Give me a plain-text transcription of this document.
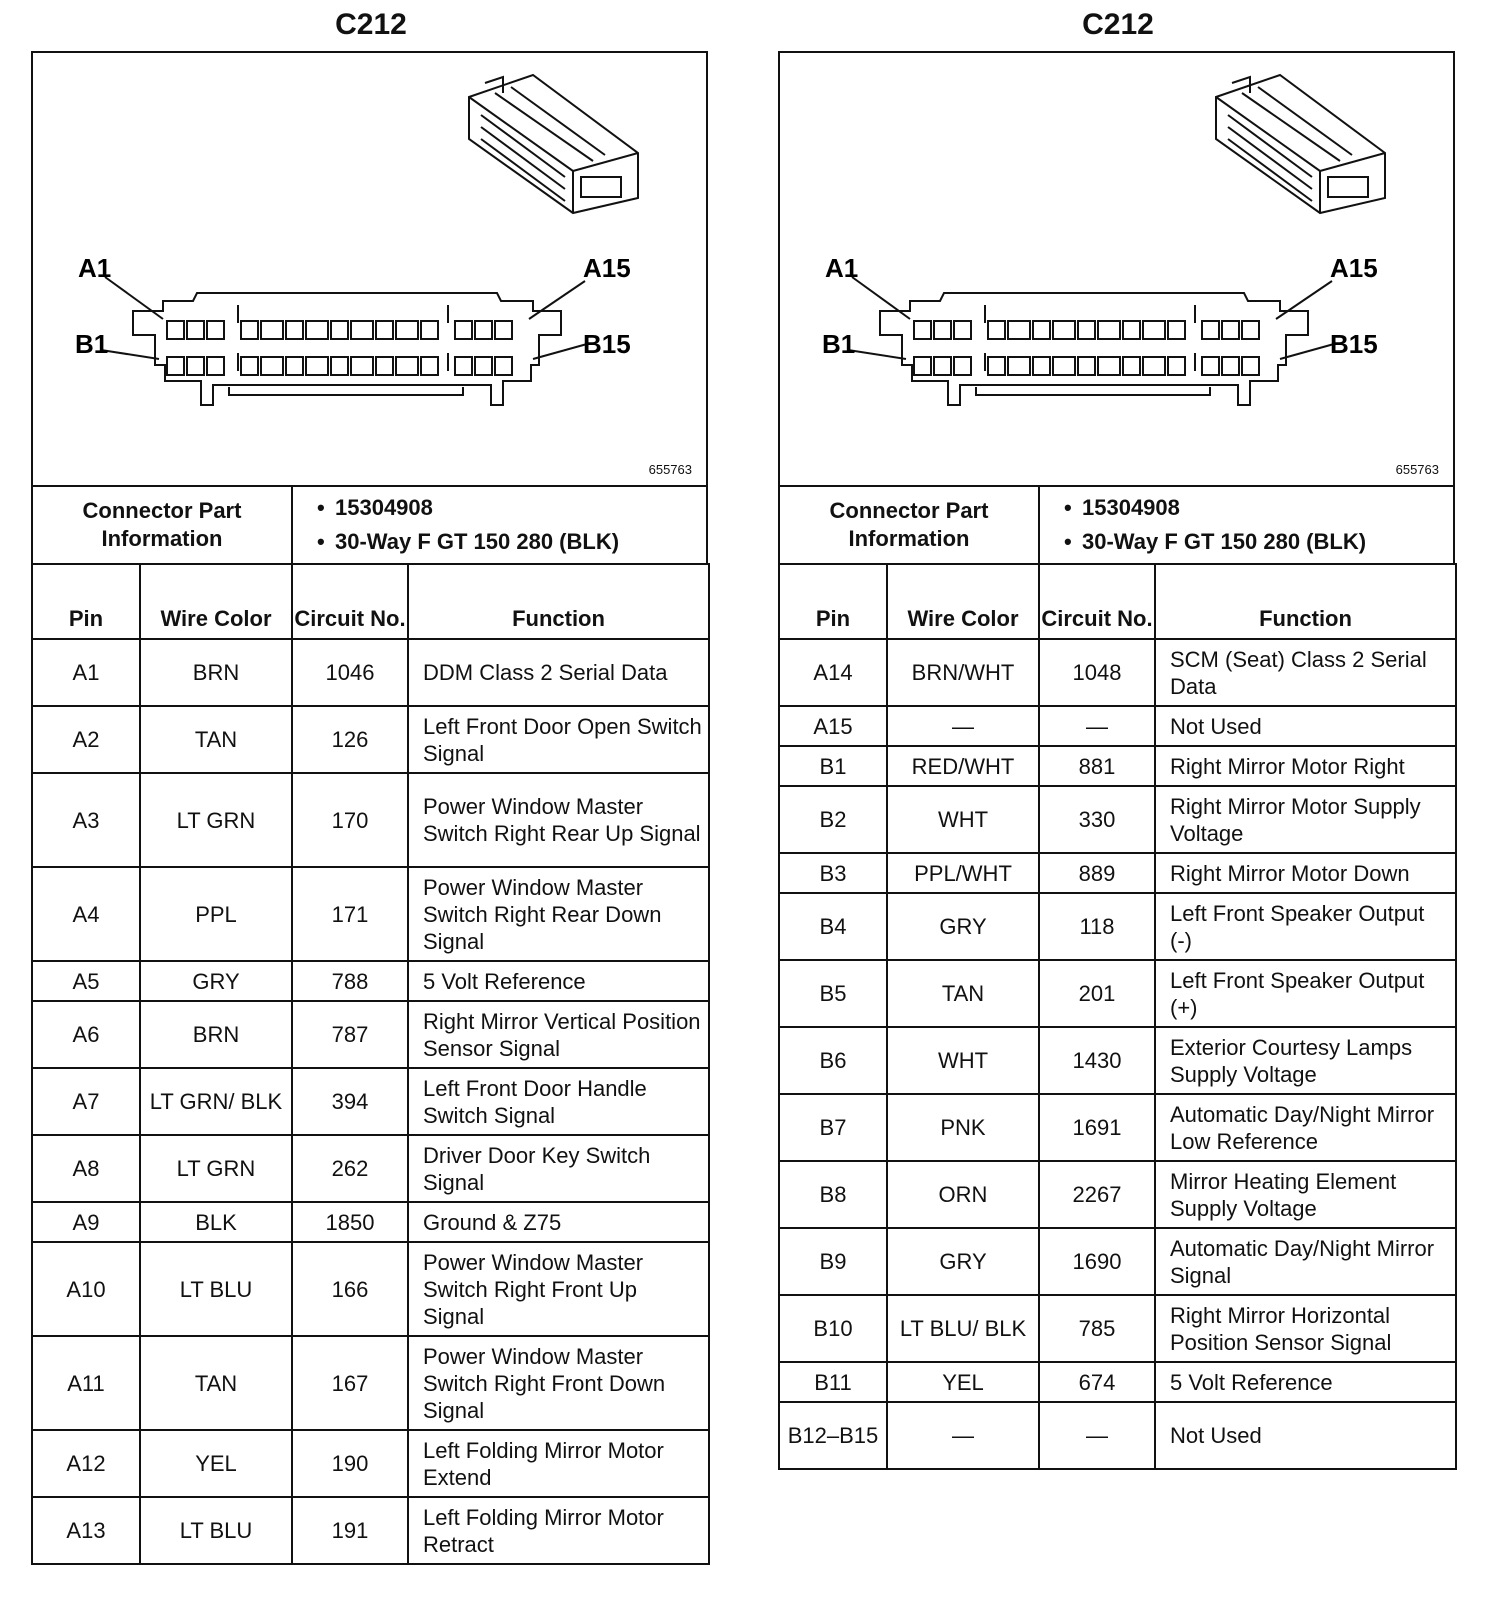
C212
A1	A15
B1	B15
655763
Connector Part Information
• 15304908
• 30-Way F GT 150 280 (BLK)
Pin	Wire Color	Circuit No.	Function
A1	BRN	1046	DDM Class 2 Serial Data
A2	TAN	126	Left Front Door Open Switch Signal
A3	LT GRN	170	Power Window Master Switch Right Rear Up Signal
A4	PPL	171	Power Window Master Switch Right Rear Down Signal
A5	GRY	788	5 Volt Reference
A6	BRN	787	Right Mirror Vertical Position Sensor Signal
A7	LT GRN/ BLK	394	Left Front Door Handle Switch Signal
A8	LT GRN	262	Driver Door Key Switch Signal
A9	BLK	1850	Ground & Z75
A10	LT BLU	166	Power Window Master Switch Right Front Up Signal
A11	TAN	167	Power Window Master Switch Right Front Down Signal
A12	YEL	190	Left Folding Mirror Motor Extend
A13	LT BLU	191	Left Folding Mirror Motor Retract
C212
A1	A15
B1	B15
655763
Connector Part Information
• 15304908
• 30-Way F GT 150 280 (BLK)
Pin	Wire Color	Circuit No.	Function
A14	BRN/WHT	1048	SCM (Seat) Class 2 Serial Data
A15	—	—	Not Used
B1	RED/WHT	881	Right Mirror Motor Right
B2	WHT	330	Right Mirror Motor Supply Voltage
B3	PPL/WHT	889	Right Mirror Motor Down
B4	GRY	118	Left Front Speaker Output (-)
B5	TAN	201	Left Front Speaker Output (+)
B6	WHT	1430	Exterior Courtesy Lamps Supply Voltage
B7	PNK	1691	Automatic Day/Night Mirror Low Reference
B8	ORN	2267	Mirror Heating Element Supply Voltage
B9	GRY	1690	Automatic Day/Night Mirror Signal
B10	LT BLU/ BLK	785	Right Mirror Horizontal Position Sensor Signal
B11	YEL	674	5 Volt Reference
B12–B15	—	—	Not Used
